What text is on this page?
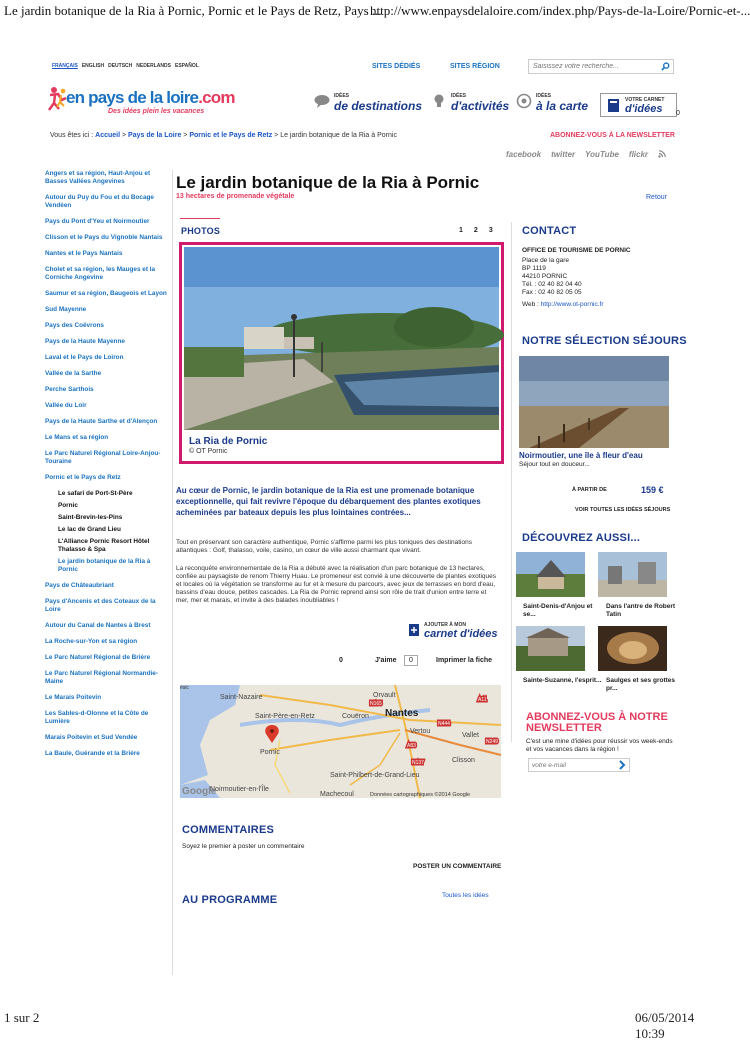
Le jardin botanique de la Ria à Pornic, Pornic et le Pays de Retz, Pays ...
http://www.enpaysdelaloire.com/index.php/Pays-de-la-Loire/Pornic-et-...
FRANÇAIS ENGLISH DEUTSCH NEDERLANDS ESPAÑOL	SITES DÉDIÉS	SITES RÉGION
Saisissez votre recherche...
en pays de la loire.com
Des idées plein les vacances
IDÉES
de destinations
IDÉES
d'activités
IDÉES
à la carte	VOTRE CARNET
d'idées 0
Vous êtes ici : Accueil > Pays de la Loire > Pornic et le Pays de Retz > Le jardin botanique de la Ria à Pornic	ABONNEZ-VOUS À LA NEWSLETTER
facebook twitter YouTube flickr
Angers et sa région, Haut-Anjou et Basses Vallées Angevines
Autour du Puy du Fou et du Bocage Vendéen
Pays du Pont d'Yeu et Noirmoutier
Clisson et le Pays du Vignoble Nantais
Nantes et le Pays Nantais
Cholet et sa région, les Mauges et la Corniche Angevine
Saumur et sa région, Baugeois et Layon
Sud Mayenne
Pays des Coëvrons
Pays de la Haute Mayenne
Laval et le Pays de Loiron
Vallée de la Sarthe
Perche Sarthois
Vallée du Loir
Pays de la Haute Sarthe et d'Alençon
Le Mans et sa région
Le Parc Naturel Régional Loire-Anjou-Touraine
Pornic et le Pays de Retz
Le safari de Port-St-Père
Pornic
Saint-Brevin-les-Pins
Le lac de Grand Lieu
L'Alliance Pornic Resort Hôtel Thalasso & Spa
Le jardin botanique de la Ria à Pornic
Pays de Châteaubriant
Pays d'Ancenis et des Coteaux de la Loire
Autour du Canal de Nantes à Brest
La Roche-sur-Yon et sa région
Le Parc Naturel Régional de Brière
Le Parc Naturel Régional Normandie-Maine
Le Marais Poitevin
Les Sables-d-Olonne et la Côte de Lumière
Marais Poitevin et Sud Vendée
La Baule, Guérande et la Brière
Le jardin botanique de la Ria à Pornic
13 hectares de promenade végétale	Retour
PHOTOS	1 2 3
La Ria de Pornic
© OT Pornic
Au cœur de Pornic, le jardin botanique de la Ria est une promenade botanique exceptionnelle, qui fait revivre l'époque du débarquement des plantes exotiques acheminées par bateaux depuis les plus lointaines contrées...
Tout en préservant son caractère authentique, Pornic s'affirme parmi les plus toniques des destinations atlantiques : Golf, thalasso, voile, casino, un cœur de ville aussi charmant que vivant.
La reconquête environnementale de la Ria a débuté avec la réalisation d'un parc botanique de 13 hectares, confiée au paysagiste de renom Thierry Huau. Le promeneur est convié à une découverte de plantes exotiques et locales où la végétation se transforme au fur et à mesure du parcours, avec jeux de terrasses en bord d'eau, bassins d'eau douce, petites cascades. La Ria de Pornic reprend ainsi son rôle de trait d'union entre terre et mer, mer et marais, et invite à des balades inoubliables !
AJOUTER À MON
carnet d'idées
0	J'aime	0	Imprimer la fiche
ésic
Saint-Nazaire	Orvault
Saint-Père-en-Retz	Couëron Nantes
Vertou
Vallet
Pornic
Clisson
Saint-Philbert-de-Grand-Lieu
Machecoul
Noirmoutier-en-l'Île
A11
N165
N444
A83
N249
N137
Google	Données cartographiques ©2014 Google
COMMENTAIRES
Soyez le premier à poster un commentaire
POSTER UN COMMENTAIRE
AU PROGRAMME	Toutes les idées
CONTACT
OFFICE DE TOURISME DE PORNIC
Place de la gare
BP 1119
44210 PORNIC
Tél. : 02 40 82 04 40
Fax : 02 40 82 05 05
Web : http://www.ot-pornic.fr
NOTRE SÉLECTION SÉJOURS
Noirmoutier, une île à fleur d'eau
Séjour tout en douceur...
À PARTIR DE	159 €
VOIR TOUTES LES IDÉES SÉJOURS
DÉCOUVREZ AUSSI...
Saint-Denis-d'Anjou et se...
Dans l'antre de Robert Tatin
Sainte-Suzanne, l'esprit... Saulges et ses grottes pr...
ABONNEZ-VOUS À NOTRE NEWSLETTER
C'est une mine d'idées pour réussir vos week-ends et vos vacances dans la région !
votre e-mail
1 sur 2	06/05/2014 10:39
